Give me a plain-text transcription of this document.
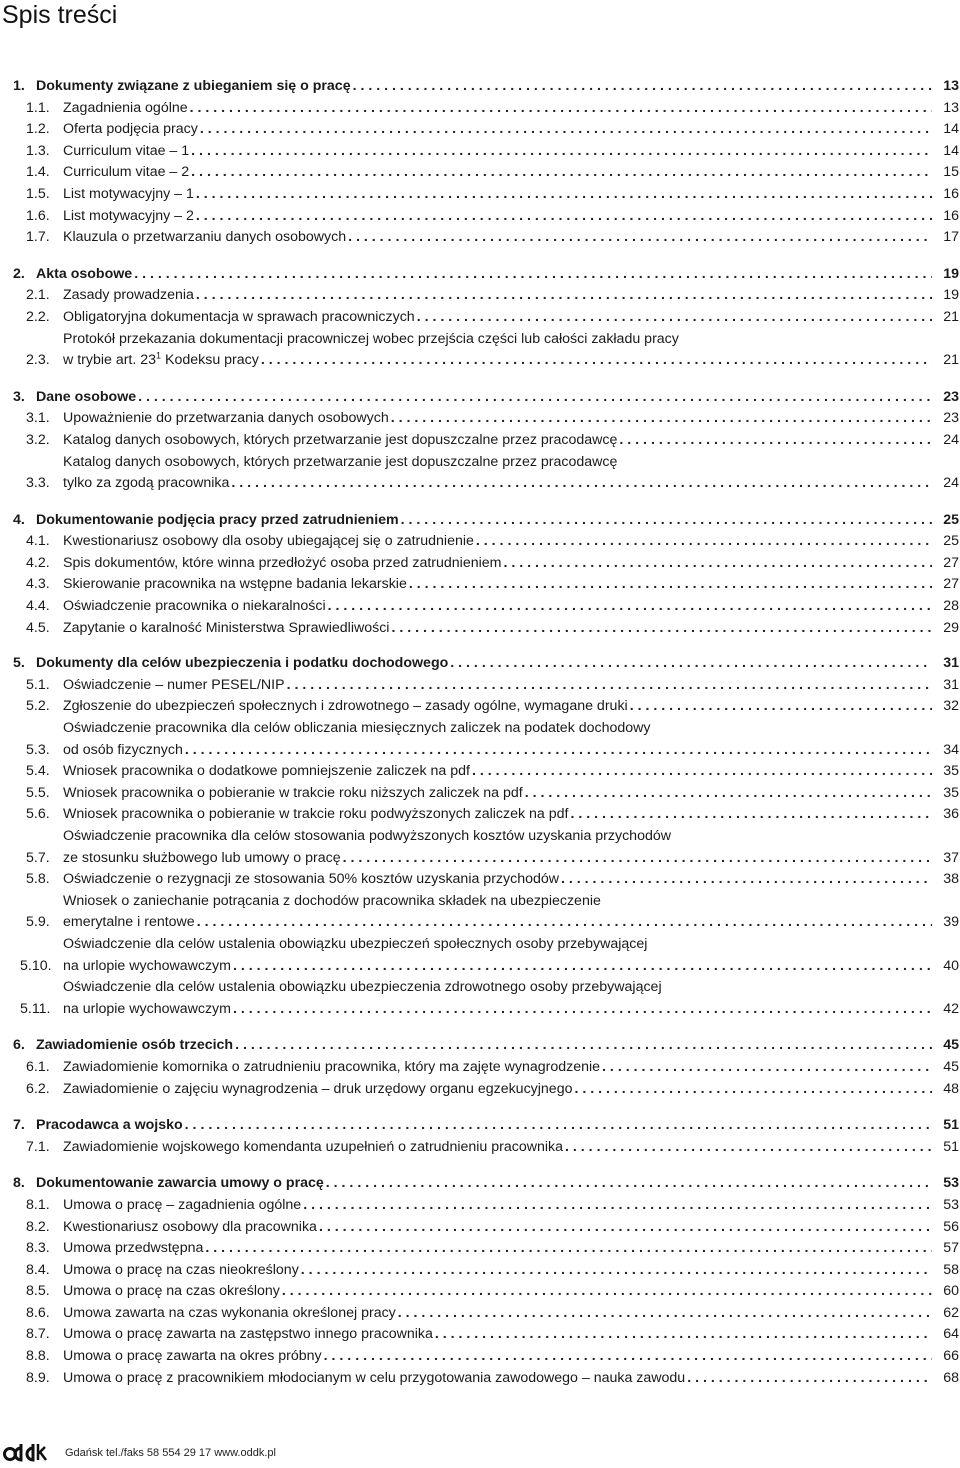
Spis treści
1. Dokumenty związane z ubieganiem się o pracę . . .	13
1.1. Zagadnienia ogólne . . .	13
1.2. Oferta podjęcia pracy . . .	14
1.3. Curriculum vitae – 1 . . .	14
1.4. Curriculum vitae – 2 . . .	15
1.5. List motywacyjny – 1 . . .	16
1.6. List motywacyjny – 2 . . .	16
1.7. Klauzula o przetwarzaniu danych osobowych . . .	17
2. Akta osobowe . . .	19
2.1. Zasady prowadzenia . . .	19
2.2. Obligatoryjna dokumentacja w sprawach pracowniczych . . .	21
2.3.
Protokół przekazania dokumentacji pracowniczej wobec przejścia części lub całości zakładu pracy
w trybie art. $23^1$ Kodeksu pracy . . .	21
3. Dane osobowe . . .	23
3.1. Upoważnienie do przetwarzania danych osobowych . . .	23
3.2. Katalog danych osobowych, których przetwarzanie jest dopuszczalne przez pracodawcę . . .	24
3.3.
Katalog danych osobowych, których przetwarzanie jest dopuszczalne przez pracodawcę
tylko za zgodą pracownika . . .	24
4. Dokumentowanie podjęcia pracy przed zatrudnieniem . . .	25
4.1. Kwestionariusz osobowy dla osoby ubiegającej się o zatrudnienie . . .	25
4.2. Spis dokumentów, które winna przedłożyć osoba przed zatrudnieniem . . .	27
4.3. Skierowanie pracownika na wstępne badania lekarskie . . .	27
4.4. Oświadczenie pracownika o niekaralności . . .	28
4.5. Zapytanie o karalność Ministerstwa Sprawiedliwości . . .	29
5. Dokumenty dla celów ubezpieczenia i podatku dochodowego . . .	31
5.1. Oświadczenie – numer PESEL/NIP . . .	31
5.2. Zgłoszenie do ubezpieczeń społecznych i zdrowotnego – zasady ogólne, wymagane druki . . .	32
5.3.
Oświadczenie pracownika dla celów obliczania miesięcznych zaliczek na podatek dochodowy
od osób fizycznych . . .	34
5.4. Wniosek pracownika o dodatkowe pomniejszenie zaliczek na pdf . . .	35
5.5. Wniosek pracownika o pobieranie w trakcie roku niższych zaliczek na pdf . . .	35
5.6. Wniosek pracownika o pobieranie w trakcie roku podwyższonych zaliczek na pdf . . .	36
5.7.
Oświadczenie pracownika dla celów stosowania podwyższonych kosztów uzyskania przychodów
ze stosunku służbowego lub umowy o pracę . . .	37
5.8. Oświadczenie o rezygnacji ze stosowania 50% kosztów uzyskania przychodów . . .	38
5.9.
Wniosek o zaniechanie potrącania z dochodów pracownika składek na ubezpieczenie
emerytalne i rentowe . . .	39
5.10.
Oświadczenie dla celów ustalenia obowiązku ubezpieczeń społecznych osoby przebywającej
na urlopie wychowawczym . . .	40
5.11.
Oświadczenie dla celów ustalenia obowiązku ubezpieczenia zdrowotnego osoby przebywającej
na urlopie wychowawczym . . .	42
6. Zawiadomienie osób trzecich . . .	45
6.1. Zawiadomienie komornika o zatrudnieniu pracownika, który ma zajęte wynagrodzenie . . .	45
6.2. Zawiadomienie o zajęciu wynagrodzenia – druk urzędowy organu egzekucyjnego . . .	48
7. Pracodawca a wojsko . . .	51
7.1. Zawiadomienie wojskowego komendanta uzupełnień o zatrudnieniu pracownika . . .	51
8. Dokumentowanie zawarcia umowy o pracę . . .	53
8.1. Umowa o pracę – zagadnienia ogólne . . .	53
8.2. Kwestionariusz osobowy dla pracownika . . .	56
8.3. Umowa przedwstępna . . .	57
8.4. Umowa o pracę na czas nieokreślony . . .	58
8.5. Umowa o pracę na czas określony . . .	60
8.6. Umowa zawarta na czas wykonania określonej pracy . . .	62
8.7. Umowa o pracę zawarta na zastępstwo innego pracownika . . .	64
8.8. Umowa o pracę zawarta na okres próbny . . .	66
8.9. Umowa o pracę z pracownikiem młodocianym w celu przygotowania zawodowego – nauka zawodu . . .	68
Gdańsk tel./faks 58 554 29 17 www.oddk.pl
